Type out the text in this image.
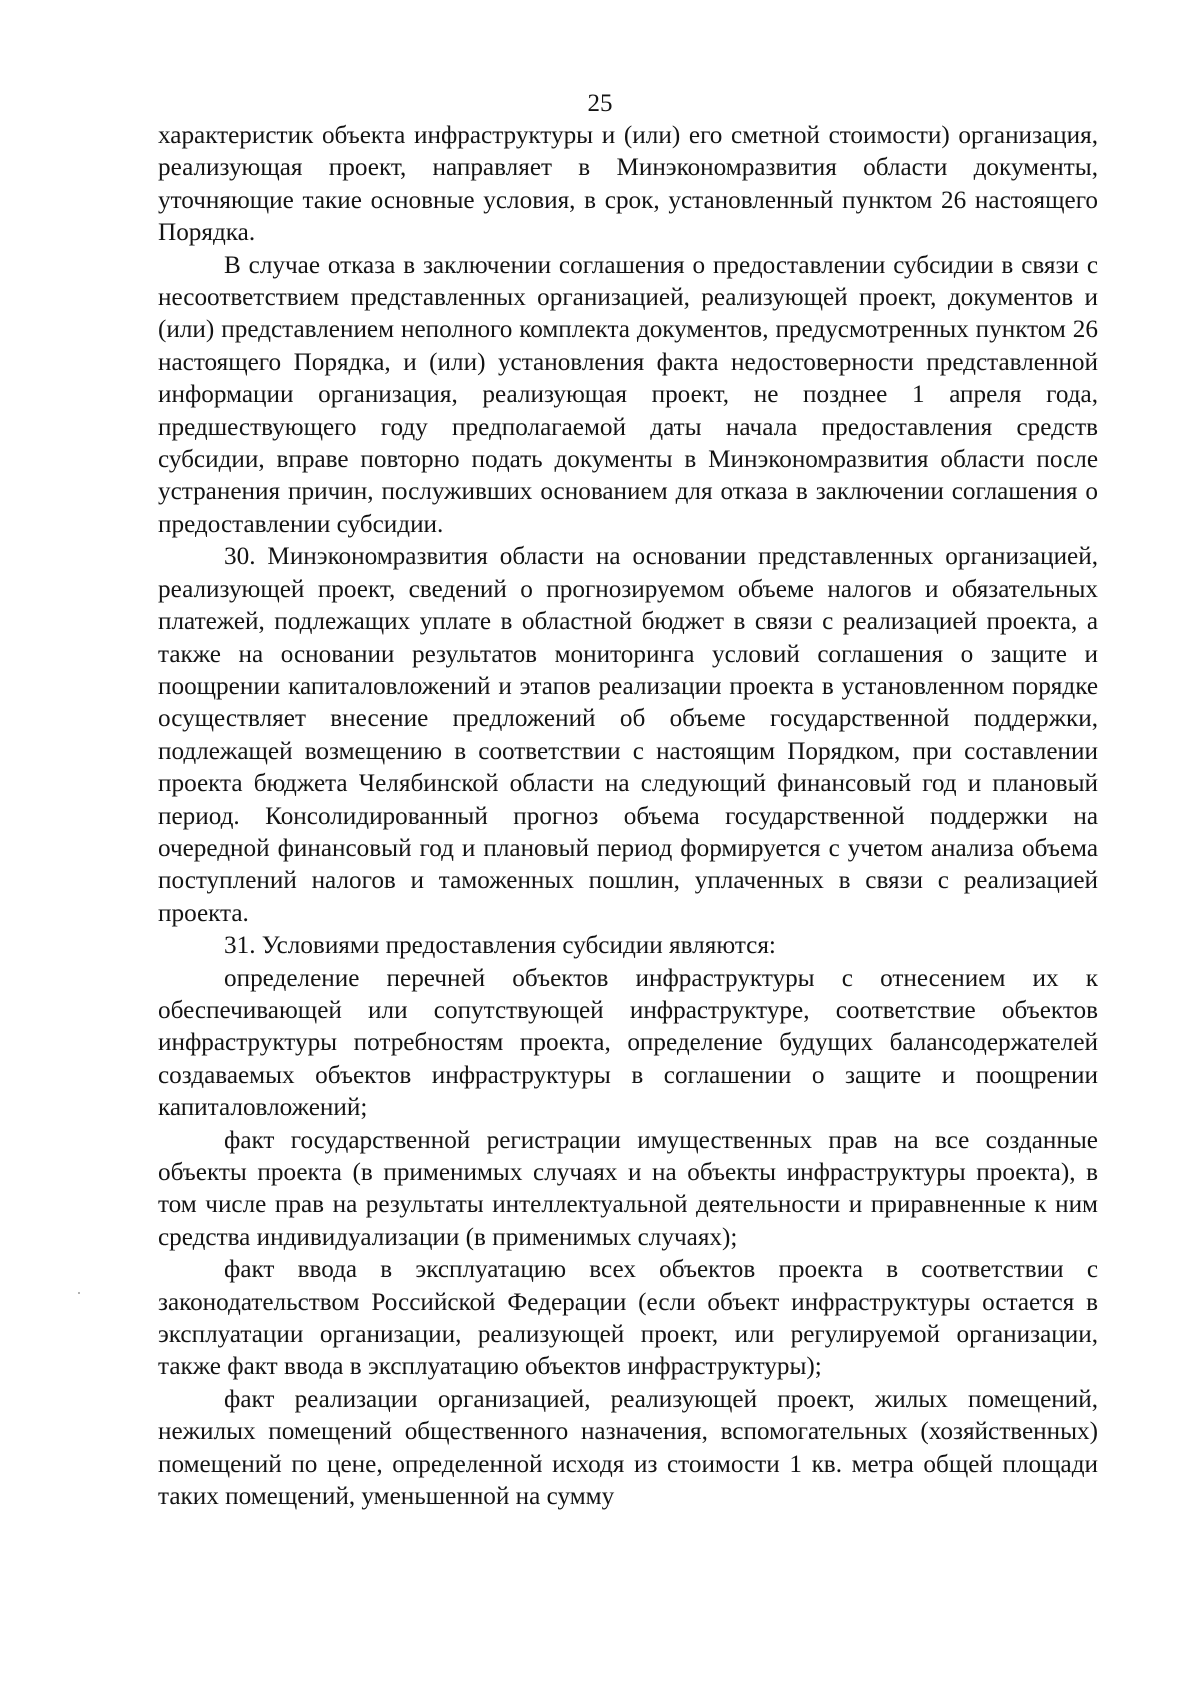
25

характеристик объекта инфраструктуры и (или) его сметной стоимости) организация, реализующая проект, направляет в Минэкономразвития области документы, уточняющие такие основные условия, в срок, установленный пунктом 26 настоящего Порядка.

В случае отказа в заключении соглашения о предоставлении субсидии в связи с несоответствием представленных организацией, реализующей проект, документов и (или) представлением неполного комплекта документов, предусмотренных пунктом 26 настоящего Порядка, и (или) установления факта недостоверности представленной информации организация, реализующая проект, не позднее 1 апреля года, предшествующего году предполагаемой даты начала предоставления средств субсидии, вправе повторно подать документы в Минэкономразвития области после устранения причин, послуживших основанием для отказа в заключении соглашения о предоставлении субсидии.

30. Минэкономразвития области на основании представленных организацией, реализующей проект, сведений о прогнозируемом объеме налогов и обязательных платежей, подлежащих уплате в областной бюджет в связи с реализацией проекта, а также на основании результатов мониторинга условий соглашения о защите и поощрении капиталовложений и этапов реализации проекта в установленном порядке осуществляет внесение предложений об объеме государственной поддержки, подлежащей возмещению в соответствии с настоящим Порядком, при составлении проекта бюджета Челябинской области на следующий финансовый год и плановый период. Консолидированный прогноз объема государственной поддержки на очередной финансовый год и плановый период формируется с учетом анализа объема поступлений налогов и таможенных пошлин, уплаченных в связи с реализацией проекта.

31. Условиями предоставления субсидии являются:

определение перечней объектов инфраструктуры с отнесением их к обеспечивающей или сопутствующей инфраструктуре, соответствие объектов инфраструктуры потребностям проекта, определение будущих балансодержателей создаваемых объектов инфраструктуры в соглашении о защите и поощрении капиталовложений;

факт государственной регистрации имущественных прав на все созданные объекты проекта (в применимых случаях и на объекты инфраструктуры проекта), в том числе прав на результаты интеллектуальной деятельности и приравненные к ним средства индивидуализации (в применимых случаях);

факт ввода в эксплуатацию всех объектов проекта в соответствии с законодательством Российской Федерации (если объект инфраструктуры остается в эксплуатации организации, реализующей проект, или регулируемой организации, также факт ввода в эксплуатацию объектов инфраструктуры);

факт реализации организацией, реализующей проект, жилых помещений, нежилых помещений общественного назначения, вспомогательных (хозяйственных) помещений по цене, определенной исходя из стоимости 1 кв. метра общей площади таких помещений, уменьшенной на сумму
